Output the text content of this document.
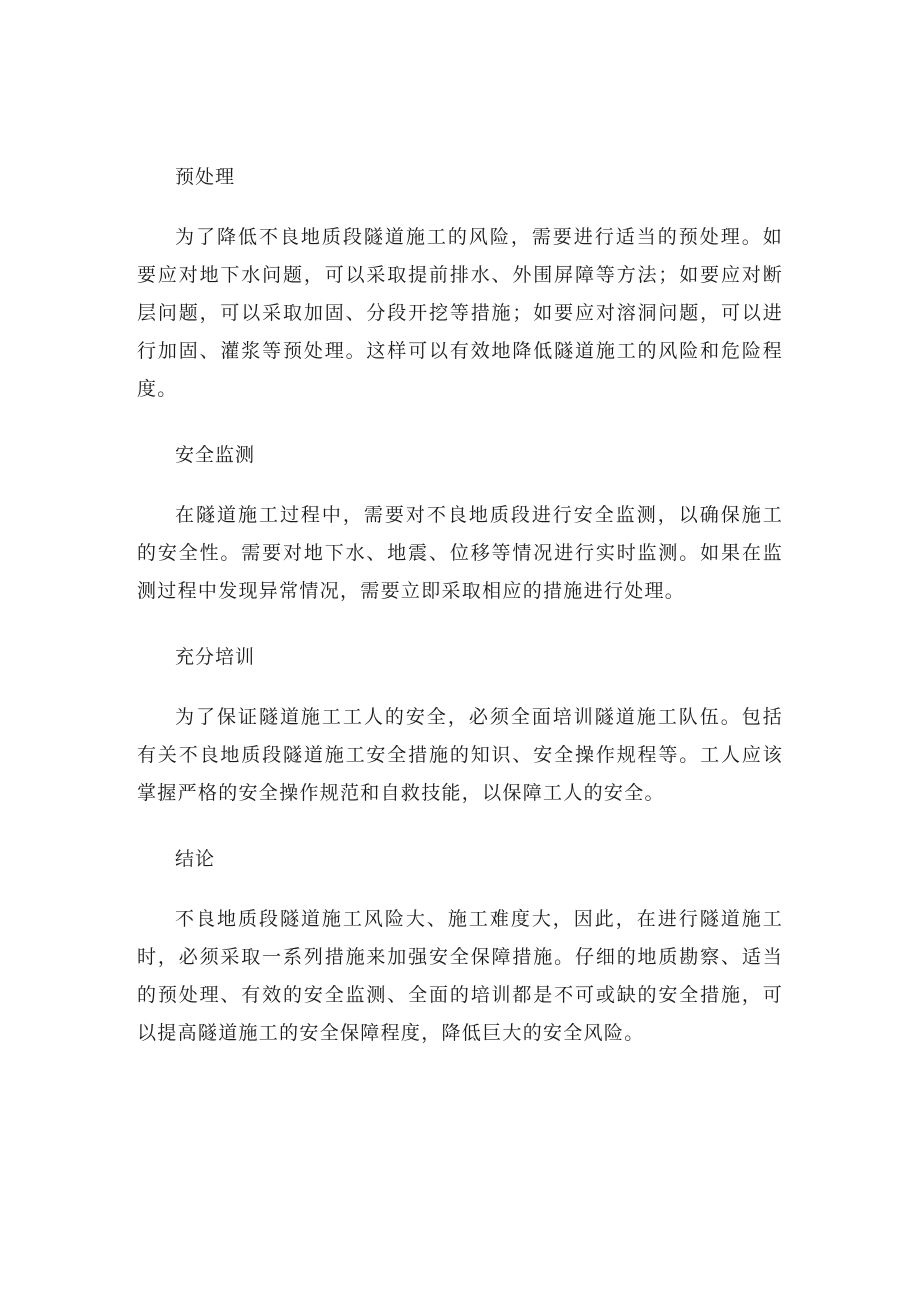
预处理

为了降低不良地质段隧道施工的风险，需要进行适当的预处理。如要应对地下水问题，可以采取提前排水、外围屏障等方法；如要应对断层问题，可以采取加固、分段开挖等措施；如要应对溶洞问题，可以进行加固、灌浆等预处理。这样可以有效地降低隧道施工的风险和危险程度。

安全监测

在隧道施工过程中，需要对不良地质段进行安全监测，以确保施工的安全性。需要对地下水、地震、位移等情况进行实时监测。如果在监测过程中发现异常情况，需要立即采取相应的措施进行处理。

充分培训

为了保证隧道施工工人的安全，必须全面培训隧道施工队伍。包括有关不良地质段隧道施工安全措施的知识、安全操作规程等。工人应该掌握严格的安全操作规范和自救技能，以保障工人的安全。

结论

不良地质段隧道施工风险大、施工难度大，因此，在进行隧道施工时，必须采取一系列措施来加强安全保障措施。仔细的地质勘察、适当的预处理、有效的安全监测、全面的培训都是不可或缺的安全措施，可以提高隧道施工的安全保障程度，降低巨大的安全风险。
